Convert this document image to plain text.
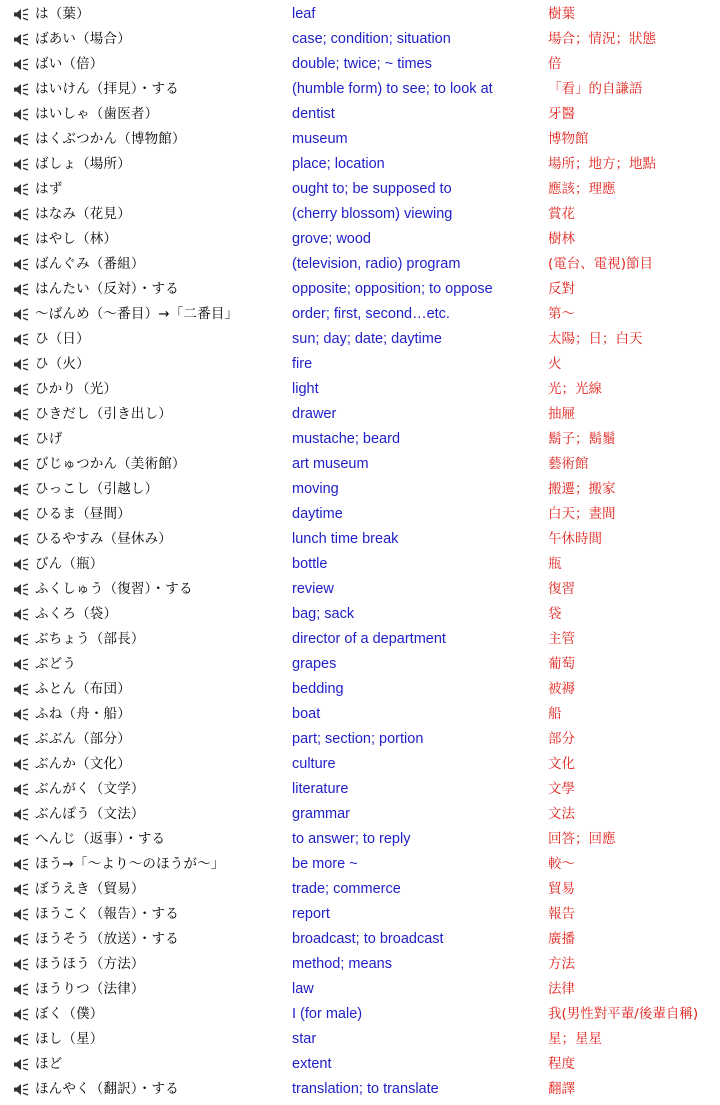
は（葉）	leaf	樹葉
ばあい（場合）	case; condition; situation	場合；情況；狀態
ばい（倍）	double; twice; ~ times	倍
はいけん（拝見）・する	(humble form) to see; to look at	「看」的自謙語
はいしゃ（歯医者）	dentist	牙醫
はくぶつかん（博物館）	museum	博物館
ばしょ（場所）	place; location	場所；地方；地點
はず	ought to; be supposed to	應該；理應
はなみ（花見）	(cherry blossom) viewing	賞花
はやし（林）	grove; wood	樹林
ばんぐみ（番組）	(television, radio) program	(電台、電視)節目
はんたい（反対）・する	opposite; opposition; to oppose	反對
～ばんめ（～番目）→「二番目」	order; first, second…etc.	第～
ひ（日）	sun; day; date; daytime	太陽；日；白天
ひ（火）	fire	火
ひかり（光）	light	光；光線
ひきだし（引き出し）	drawer	抽屜
ひげ	mustache; beard	鬍子；鬍鬚
びじゅつかん（美術館）	art museum	藝術館
ひっこし（引越し）	moving	搬遷；搬家
ひるま（昼間）	daytime	白天；晝間
ひるやすみ（昼休み）	lunch time break	午休時間
びん（瓶）	bottle	瓶
ふくしゅう（復習）・する	review	復習
ふくろ（袋）	bag; sack	袋
ぶちょう（部長）	director of a department	主管
ぶどう	grapes	葡萄
ふとん（布団）	bedding	被褥
ふね（舟・船）	boat	船
ぶぶん（部分）	part; section; portion	部分
ぶんか（文化）	culture	文化
ぶんがく（文学）	literature	文學
ぶんぽう（文法）	grammar	文法
へんじ（返事）・する	to answer; to reply	回答；回應
ほう→「～より～のほうが～」	be more ~	較～
ぼうえき（貿易）	trade; commerce	貿易
ほうこく（報告）・する	report	報告
ほうそう（放送）・する	broadcast; to broadcast	廣播
ほうほう（方法）	method; means	方法
ほうりつ（法律）	law	法律
ぼく（僕）	I (for male)	我(男性對平輩/後輩自稱)
ほし（星）	star	星；星星
ほど	extent	程度
ほんやく（翻訳）・する	translation; to translate	翻譯
